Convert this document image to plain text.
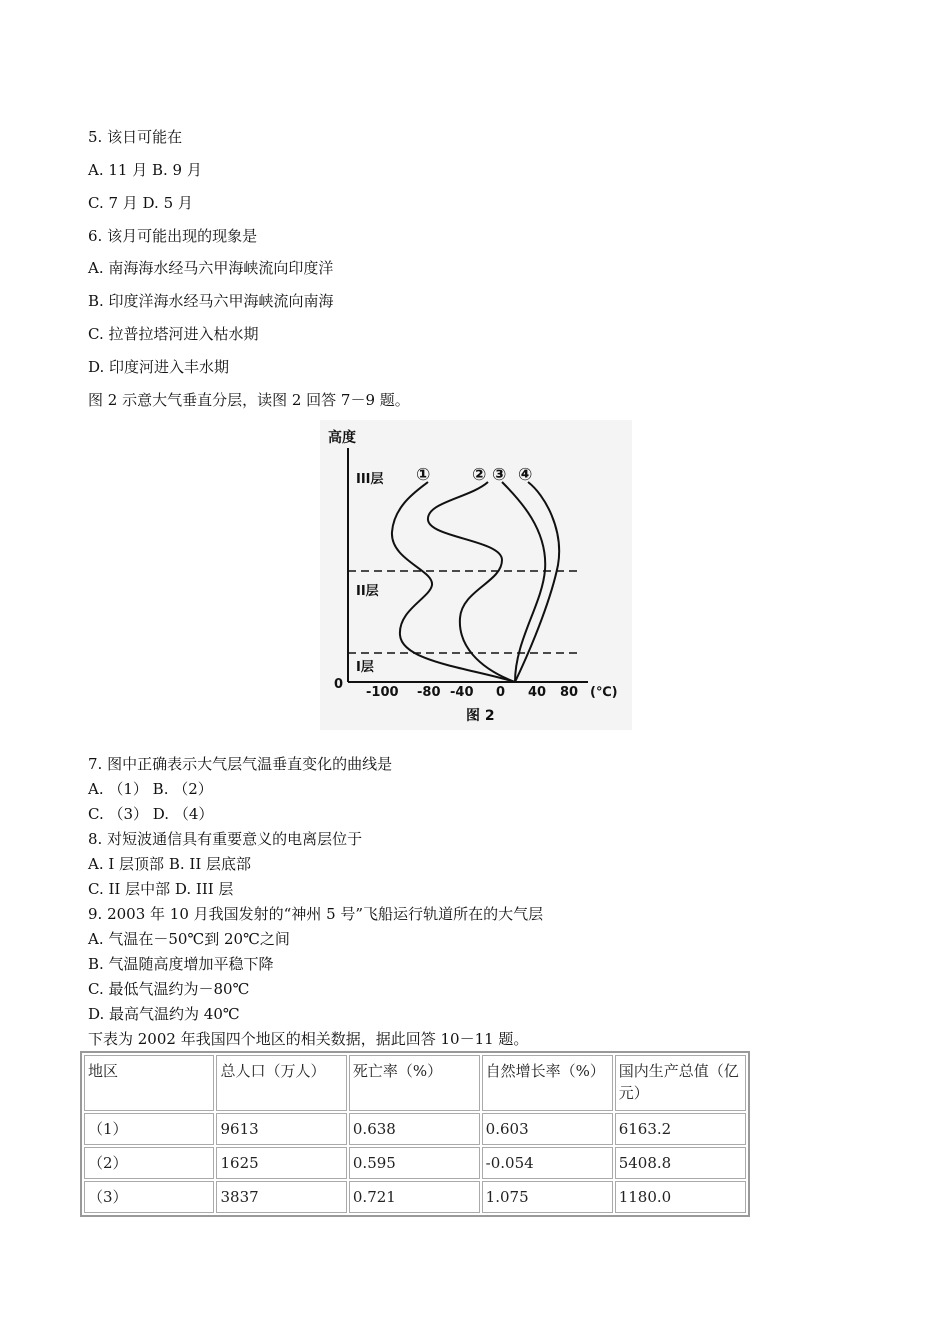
5. 该日可能在
A. 11 月 B. 9 月
C. 7 月 D. 5 月
6. 该月可能出现的现象是
A. 南海海水经马六甲海峡流向印度洋
B. 印度洋海水经马六甲海峡流向南海
C. 拉普拉塔河进入枯水期
D. 印度河进入丰水期
图 2 示意大气垂直分层，读图 2 回答 7－9 题。
高度
III层
II层
I层
0
-100 -80 -40 0 40 80 (℃)
图 2
① ② ③ ④
7. 图中正确表示大气层气温垂直变化的曲线是
A. （1） B. （2）
C. （3） D. （4）
8. 对短波通信具有重要意义的电离层位于
A. I 层顶部 B. II 层底部
C. II 层中部 D. III 层
9. 2003 年 10 月我国发射的“神州 5 号”飞船运行轨道所在的大气层
A. 气温在－50℃到 20℃之间
B. 气温随高度增加平稳下降
C. 最低气温约为－80℃
D. 最高气温约为 40℃
下表为 2002 年我国四个地区的相关数据，据此回答 10－11 题。
地区	总人口（万人）	死亡率（%）	自然增长率（%）	国内生产总值（亿元）
（1）	9613	0.638	0.603	6163.2
（2）	1625	0.595	-0.054	5408.8
（3）	3837	0.721	1.075	1180.0
